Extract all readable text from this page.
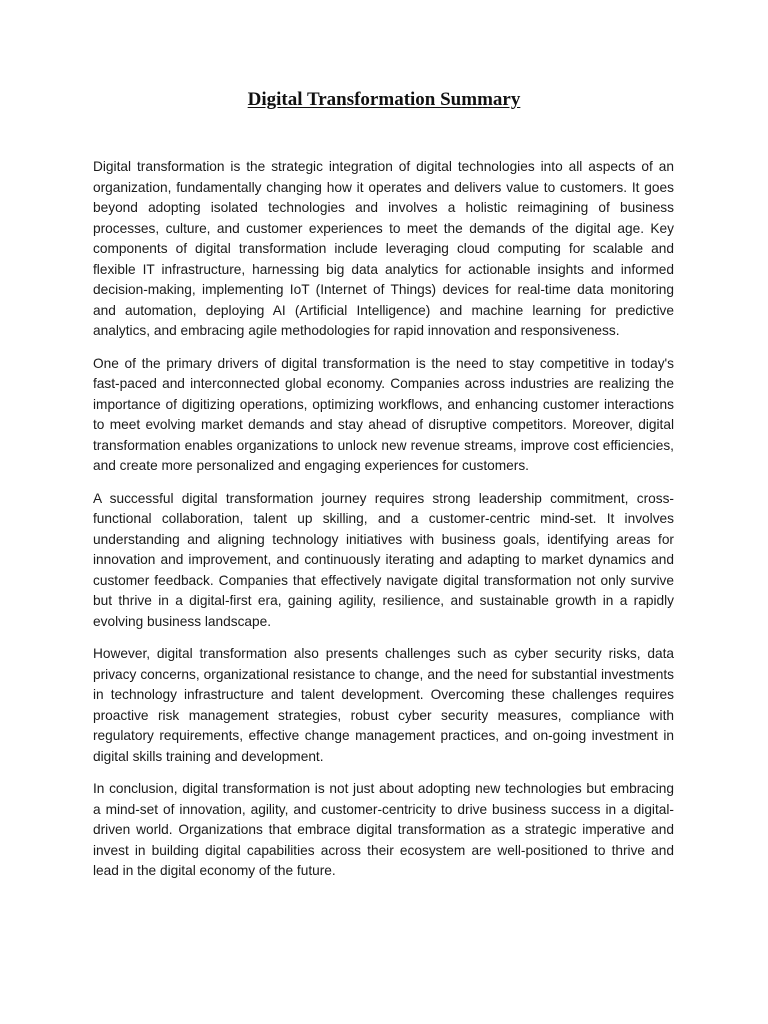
Digital Transformation Summary

Digital transformation is the strategic integration of digital technologies into all aspects of an organization, fundamentally changing how it operates and delivers value to customers. It goes beyond adopting isolated technologies and involves a holistic reimagining of business processes, culture, and customer experiences to meet the demands of the digital age. Key components of digital transformation include leveraging cloud computing for scalable and flexible IT infrastructure, harnessing big data analytics for actionable insights and informed decision-making, implementing IoT (Internet of Things) devices for real-time data monitoring and automation, deploying AI (Artificial Intelligence) and machine learning for predictive analytics, and embracing agile methodologies for rapid innovation and responsiveness.

One of the primary drivers of digital transformation is the need to stay competitive in today's fast-paced and interconnected global economy. Companies across industries are realizing the importance of digitizing operations, optimizing workflows, and enhancing customer interactions to meet evolving market demands and stay ahead of disruptive competitors. Moreover, digital transformation enables organizations to unlock new revenue streams, improve cost efficiencies, and create more personalized and engaging experiences for customers.

A successful digital transformation journey requires strong leadership commitment, cross-functional collaboration, talent up skilling, and a customer-centric mind-set. It involves understanding and aligning technology initiatives with business goals, identifying areas for innovation and improvement, and continuously iterating and adapting to market dynamics and customer feedback. Companies that effectively navigate digital transformation not only survive but thrive in a digital-first era, gaining agility, resilience, and sustainable growth in a rapidly evolving business landscape.

However, digital transformation also presents challenges such as cyber security risks, data privacy concerns, organizational resistance to change, and the need for substantial investments in technology infrastructure and talent development. Overcoming these challenges requires proactive risk management strategies, robust cyber security measures, compliance with regulatory requirements, effective change management practices, and on-going investment in digital skills training and development.

In conclusion, digital transformation is not just about adopting new technologies but embracing a mind-set of innovation, agility, and customer-centricity to drive business success in a digital-driven world. Organizations that embrace digital transformation as a strategic imperative and invest in building digital capabilities across their ecosystem are well-positioned to thrive and lead in the digital economy of the future.
